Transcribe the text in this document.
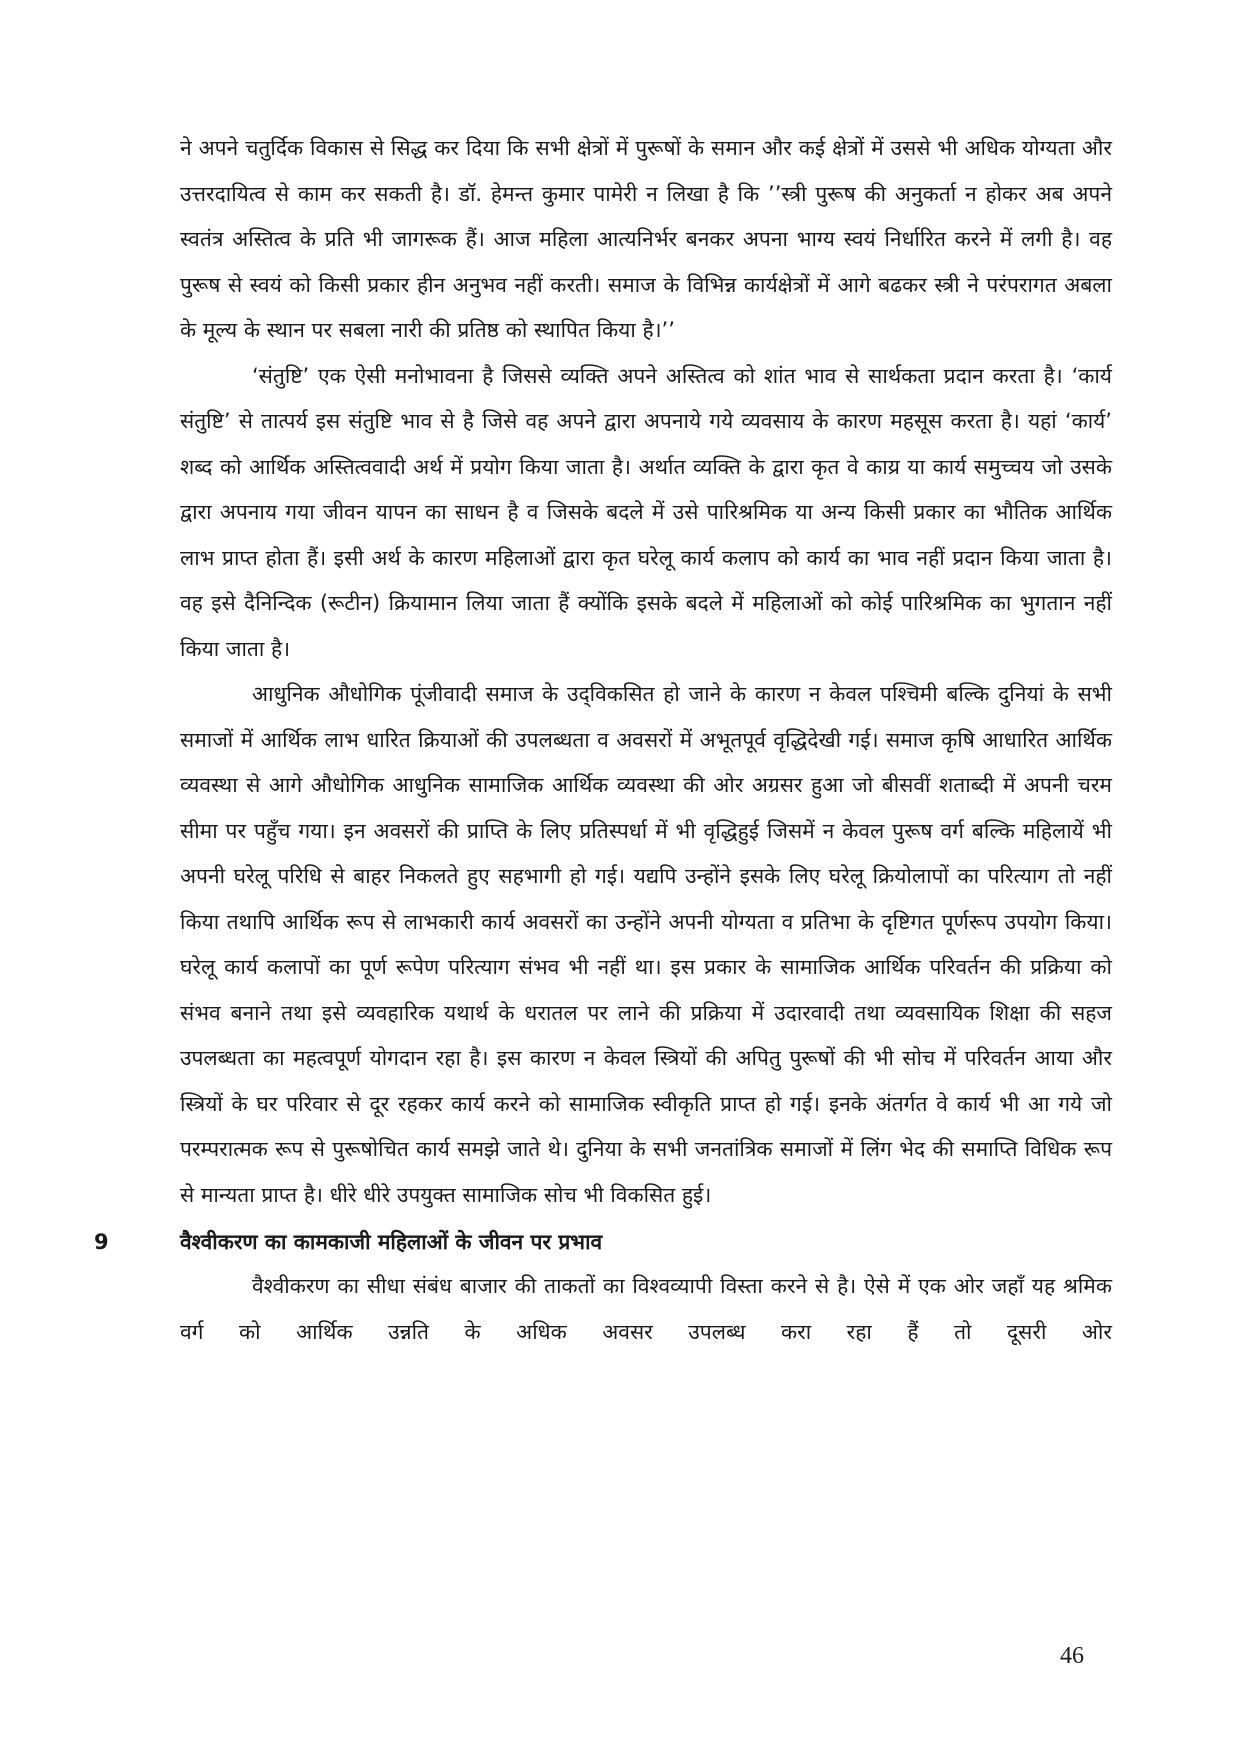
ने अपने चतुर्दिक विकास से सिद्ध कर दिया कि सभी क्षेत्रों में पुरूषों के समान और कई क्षेत्रों में उससे भी अधिक योग्यता और उत्तरदायित्व से काम कर सकती है। डॉ. हेमन्त कुमार पामेरी न लिखा है कि ’’स्त्री पुरूष की अनुकर्ता न होकर अब अपने स्वतंत्र अस्तित्व के प्रति भी जागरूक हैं। आज महिला आत्यनिर्भर बनकर अपना भाग्य स्वयं निर्धारित करने में लगी है। वह पुरूष से स्वयं को किसी प्रकार हीन अनुभव नहीं करती। समाज के विभिन्न कार्यक्षेत्रों में आगे बढकर स्त्री ने परंपरागत अबला के मूल्य के स्थान पर सबला नारी की प्रतिष्ठ को स्थापित किया है।’’

‘संतुष्टि’ एक ऐसी मनोभावना है जिससे व्यक्ति अपने अस्तित्व को शांत भाव से सार्थकता प्रदान करता है। ‘कार्य संतुष्टि’ से तात्पर्य इस संतुष्टि भाव से है जिसे वह अपने द्वारा अपनाये गये व्यवसाय के कारण महसूस करता है। यहां ‘कार्य’ शब्द को आर्थिक अस्तित्ववादी अर्थ में प्रयोग किया जाता है। अर्थात व्यक्ति के द्वारा कृत वे काय्र या कार्य समुच्चय जो उसके द्वारा अपनाय गया जीवन यापन का साधन है व जिसके बदले में उसे पारिश्रमिक या अन्य किसी प्रकार का भौतिक आर्थिक लाभ प्राप्त होता हैं। इसी अर्थ के कारण महिलाओं द्वारा कृत घरेलू कार्य कलाप को कार्य का भाव नहीं प्रदान किया जाता है। वह इसे दैनिन्दिक (रूटीन) क्रियामान लिया जाता हैं क्योंकि इसके बदले में महिलाओं को कोई पारिश्रमिक का भुगतान नहीं किया जाता है।

आधुनिक औधोगिक पूंजीवादी समाज के उद्‌विकसित हो जाने के कारण न केवल पश्चिमी बल्कि दुनियां के सभी समाजों में आर्थिक लाभ धारित क्रियाओं की उपलब्धता व अवसरों में अभूतपूर्व वृद्धिदेखी गई। समाज कृषि आधारित आर्थिक व्यवस्था से आगे औधोगिक आधुनिक सामाजिक आर्थिक व्यवस्था की ओर अग्रसर हुआ जो बीसवीं शताब्दी में अपनी चरम सीमा पर पहुँच गया। इन अवसरों की प्राप्ति के लिए प्रतिस्पर्धा में भी वृद्धिहुई जिसमें न केवल पुरूष वर्ग बल्कि महिलायें भी अपनी घरेलू परिधि से बाहर निकलते हुए सहभागी हो गई। यद्यपि उन्होंने इसके लिए घरेलू क्रियोलापों का परित्याग तो नहीं किया तथापि आर्थिक रूप से लाभकारी कार्य अवसरों का उन्होंने अपनी योग्यता व प्रतिभा के दृष्टिगत पूर्णरूप उपयोग किया। घरेलू कार्य कलापों का पूर्ण रूपेण परित्याग संभव भी नहीं था। इस प्रकार के सामाजिक आर्थिक परिवर्तन की प्रक्रिया को संभव बनाने तथा इसे व्यवहारिक यथार्थ के धरातल पर लाने की प्रक्रिया में उदारवादी तथा व्यवसायिक शिक्षा की सहज उपलब्धता का महत्वपूर्ण योगदान रहा है। इस कारण न केवल स्त्रियों की अपितु पुरूषों की भी सोच में परिवर्तन आया और स्त्रियों के घर परिवार से दूर रहकर कार्य करने को सामाजिक स्वीकृति प्राप्त हो गई। इनके अंतर्गत वे कार्य भी आ गये जो परम्परात्मक रूप से पुरूषोचित कार्य समझे जाते थे। दुनिया के सभी जनतांत्रिक समाजों में लिंग भेद की समाप्ति विधिक रूप से मान्यता प्राप्त है। धीरे धीरे उपयुक्त सामाजिक सोच भी विकसित हुई।

9	वैश्वीकरण का कामकाजी महिलाओं के जीवन पर प्रभाव

वैश्वीकरण का सीधा संबंध बाजार की ताकतों का विश्वव्यापी विस्ता करने से है। ऐसे में एक ओर जहॉं यह श्रमिक वर्ग को आर्थिक उन्नति के अधिक अवसर उपलब्ध करा रहा हैं तो दूसरी ओर

46
